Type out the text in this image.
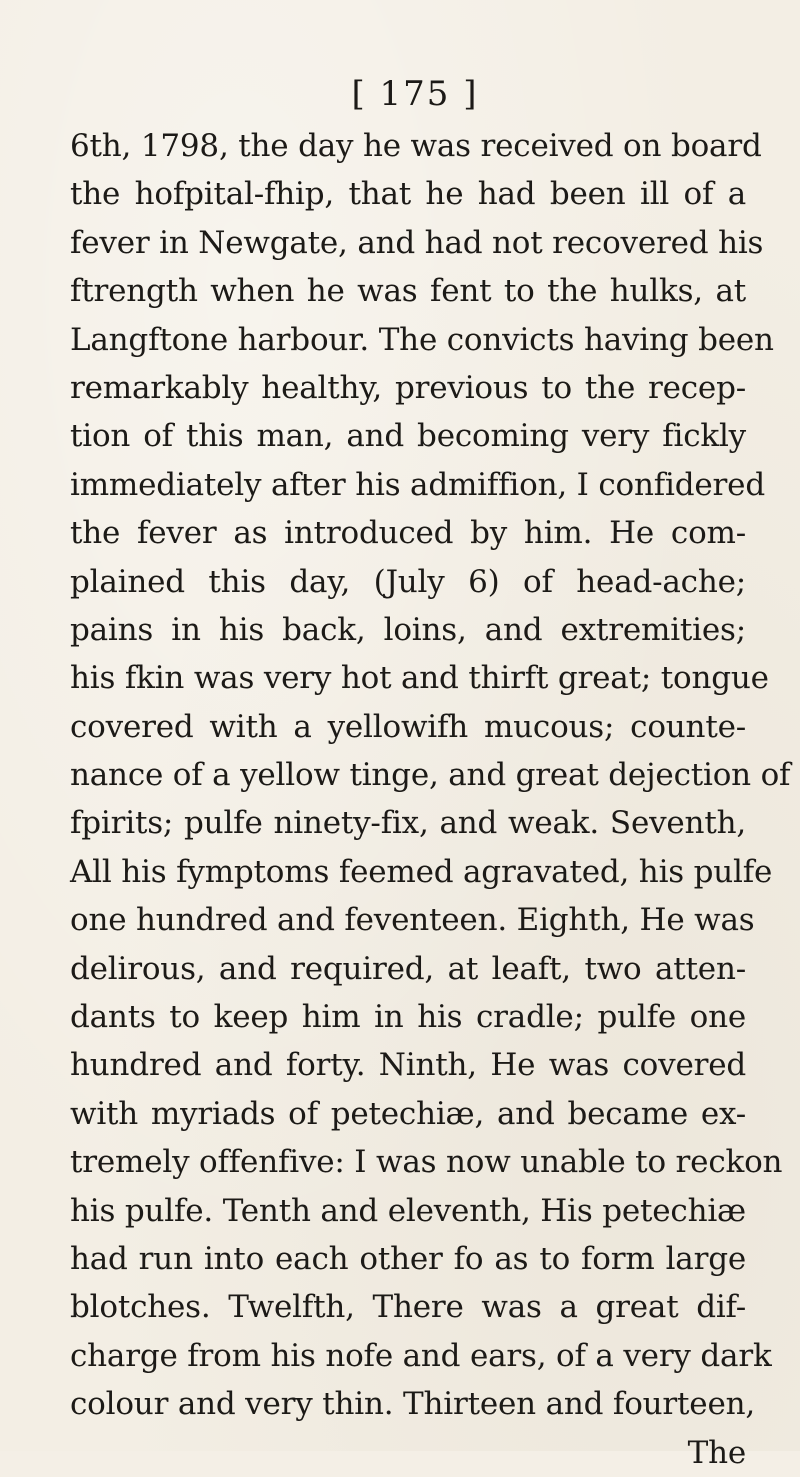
[ 175 ]
6th, 1798, the day he was received on board
the hofpital-fhip, that he had been ill of a
fever in Newgate, and had not recovered his
ftrength when he was fent to the hulks, at
Langftone harbour. The convicts having been
remarkably healthy, previous to the recep-
tion of this man, and becoming very fickly
immediately after his admiffion, I confidered
the fever as introduced by him. He com-
plained this day, (July 6) of head-ache;
pains in his back, loins, and extremities;
his fkin was very hot and thirft great; tongue
covered with a yellowifh mucous; counte-
nance of a yellow tinge, and great dejection of
fpirits; pulfe ninety-fix, and weak. Seventh,
All his fymptoms feemed agravated, his pulfe
one hundred and feventeen. Eighth, He was
delirous, and required, at leaft, two atten-
dants to keep him in his cradle; pulfe one
hundred and forty. Ninth, He was covered
with myriads of petechiæ, and became ex-
tremely offenfive: I was now unable to reckon
his pulfe. Tenth and eleventh, His petechiæ
had run into each other fo as to form large
blotches. Twelfth, There was a great dif-
charge from his nofe and ears, of a very dark
colour and very thin. Thirteen and fourteen,
The
